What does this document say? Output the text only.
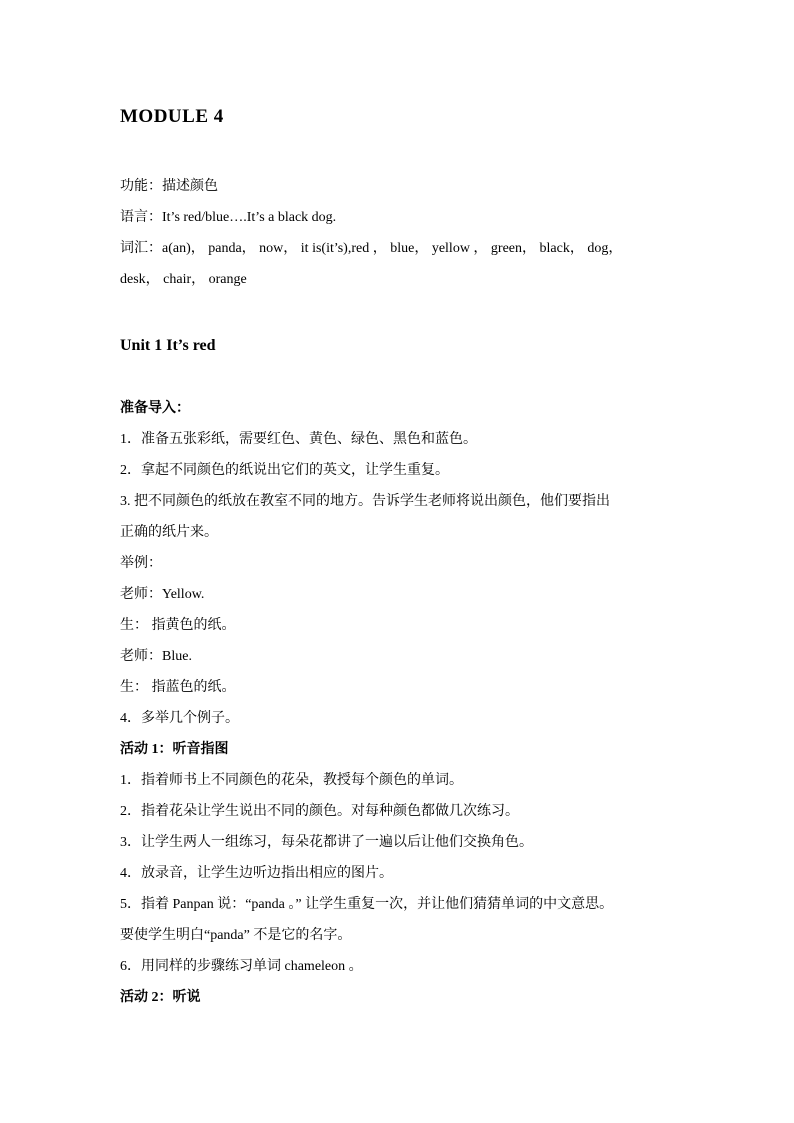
MODULE 4

功能：描述颜色

语言：It’s red/blue….It’s a black dog.

词汇：a(an)， panda， now， it is(it’s),red ， blue， yellow ， green， black， dog，

desk， chair， orange

Unit 1 It’s red

准备导入：

1．准备五张彩纸，需要红色、黄色、绿色、黑色和蓝色。

2．拿起不同颜色的纸说出它们的英文，让学生重复。

3. 把不同颜色的纸放在教室不同的地方。告诉学生老师将说出颜色，他们要指出

正确的纸片来。

举例：

老师：Yellow.

生： 指黄色的纸。

老师：Blue.

生： 指蓝色的纸。

4．多举几个例子。

活动 1：听音指图

1．指着师书上不同颜色的花朵，教授每个颜色的单词。

2．指着花朵让学生说出不同的颜色。对每种颜色都做几次练习。

3．让学生两人一组练习，每朵花都讲了一遍以后让他们交换角色。

4．放录音，让学生边听边指出相应的图片。

5．指着 Panpan 说：“panda 。” 让学生重复一次，并让他们猜猜单词的中文意思。

要使学生明白“panda” 不是它的名字。

6．用同样的步骤练习单词 chameleon 。

活动 2：听说
